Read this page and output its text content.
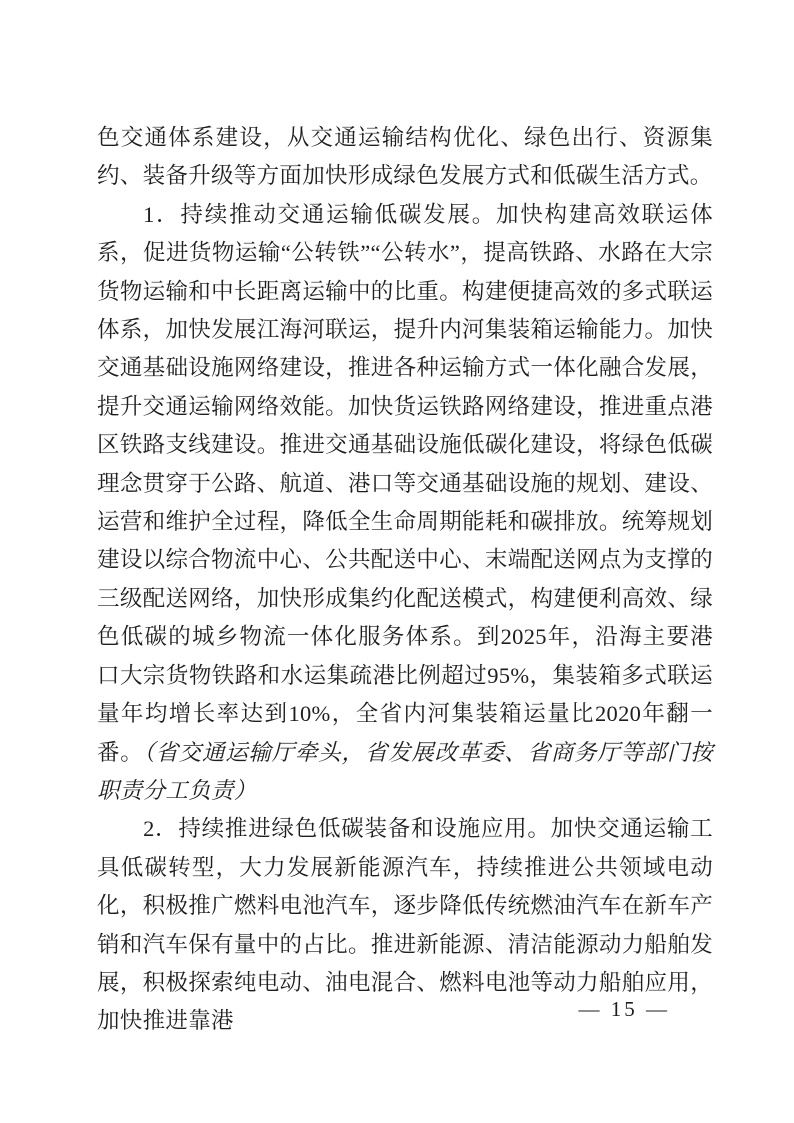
色交通体系建设，从交通运输结构优化、绿色出行、资源集约、装备升级等方面加快形成绿色发展方式和低碳生活方式。

1．持续推动交通运输低碳发展。加快构建高效联运体系，促进货物运输“公转铁”“公转水”，提高铁路、水路在大宗货物运输和中长距离运输中的比重。构建便捷高效的多式联运体系，加快发展江海河联运，提升内河集装箱运输能力。加快交通基础设施网络建设，推进各种运输方式一体化融合发展，提升交通运输网络效能。加快货运铁路网络建设，推进重点港区铁路支线建设。推进交通基础设施低碳化建设，将绿色低碳理念贯穿于公路、航道、港口等交通基础设施的规划、建设、运营和维护全过程，降低全生命周期能耗和碳排放。统筹规划建设以综合物流中心、公共配送中心、末端配送网点为支撑的三级配送网络，加快形成集约化配送模式，构建便利高效、绿色低碳的城乡物流一体化服务体系。到2025年，沿海主要港口大宗货物铁路和水运集疏港比例超过95%，集装箱多式联运量年均增长率达到10%，全省内河集装箱运量比2020年翻一番。（省交通运输厅牵头，省发展改革委、省商务厅等部门按职责分工负责）

2．持续推进绿色低碳装备和设施应用。加快交通运输工具低碳转型，大力发展新能源汽车，持续推进公共领域电动化，积极推广燃料电池汽车，逐步降低传统燃油汽车在新车产销和汽车保有量中的占比。推进新能源、清洁能源动力船舶发展，积极探索纯电动、油电混合、燃料电池等动力船舶应用，加快推进靠港	— 15 —
